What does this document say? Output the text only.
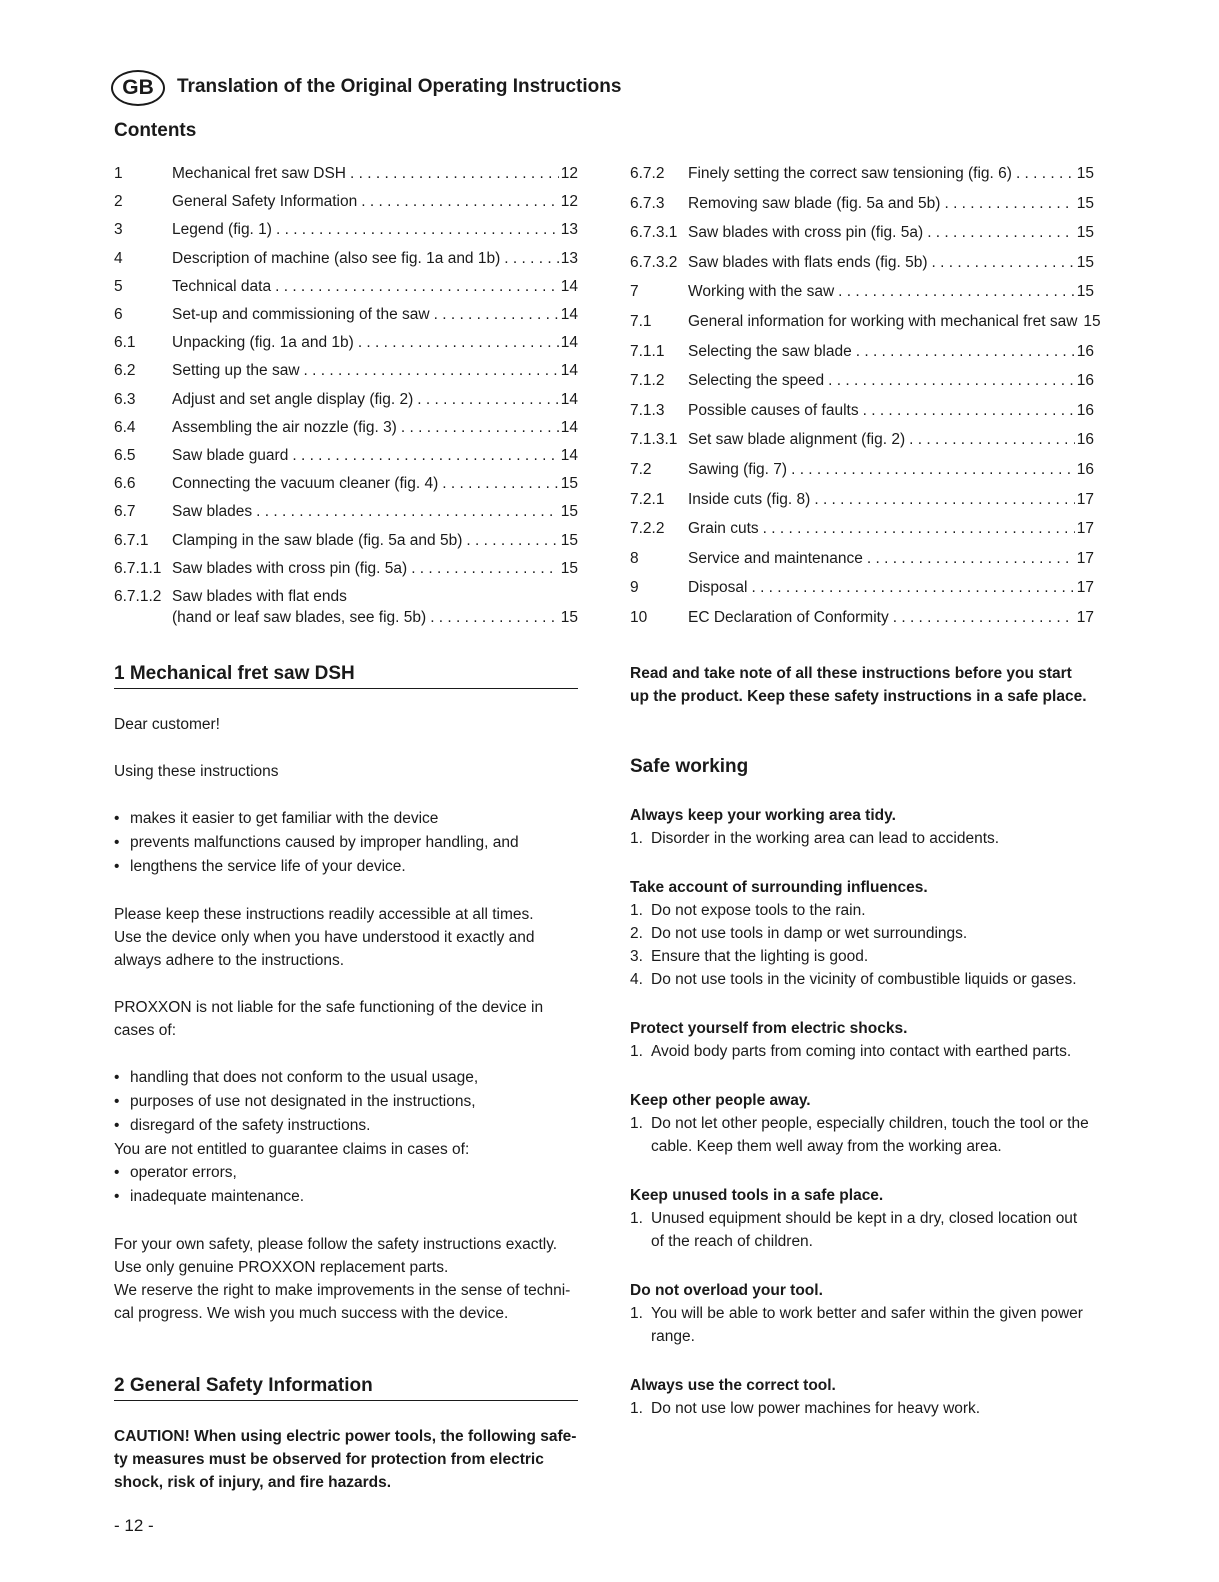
GB	Translation of the Original Operating Instructions
Contents
1	Mechanical fret saw DSH . . .	12
2	General Safety Information . . .	12
3	Legend (fig. 1) . . .	13
4	Description of machine (also see fig. 1a and 1b) . . .	13
5	Technical data . . .	14
6	Set-up and commissioning of the saw . . .	14
6.1 Unpacking (fig. 1a and 1b) . . .	14
6.2 Setting up the saw . . .	14
6.3 Adjust and set angle display (fig. 2) . . .	14
6.4 Assembling the air nozzle (fig. 3) . . .	14
6.5 Saw blade guard . . .	14
6.6 Connecting the vacuum cleaner (fig. 4) . . .	15
6.7 Saw blades . . .	15
6.7.1 Clamping in the saw blade (fig. 5a and 5b) . . .	15
6.7.1.1 Saw blades with cross pin (fig. 5a) . . .	15
6.7.1.2 Saw blades with flat ends
(hand or leaf saw blades, see fig. 5b) . . .	15
6.7.2 Finely setting the correct saw tensioning (fig. 6) . . .	15
6.7.3 Removing saw blade (fig. 5a and 5b) . . .	15
6.7.3.1 Saw blades with cross pin (fig. 5a) . . .	15
6.7.3.2 Saw blades with flats ends (fig. 5b) . . .	15
7	Working with the saw . . .	15
7.1 General information for working with mechanical fret saw 15
7.1.1 Selecting the saw blade . . .	16
7.1.2 Selecting the speed . . .	16
7.1.3 Possible causes of faults . . .	16
7.1.3.1 Set saw blade alignment (fig. 2) . . .	16
7.2 Sawing (fig. 7) . . .	16
7.2.1 Inside cuts (fig. 8) . . .	17
7.2.2 Grain cuts . . .	17
8	Service and maintenance . . .	17
9	Disposal . . .	17
10	EC Declaration of Conformity . . .	17
1 Mechanical fret saw DSH
Dear customer!
Using these instructions
• makes it easier to get familiar with the device
• prevents malfunctions caused by improper handling, and
• lengthens the service life of your device.
Please keep these instructions readily accessible at all times.
Use the device only when you have understood it exactly and always adhere to the instructions.
PROXXON is not liable for the safe functioning of the device in cases of:
• handling that does not conform to the usual usage,
• purposes of use not designated in the instructions,
• disregard of the safety instructions.
You are not entitled to guarantee claims in cases of:
• operator errors,
• inadequate maintenance.
For your own safety, please follow the safety instructions exactly.
Use only genuine PROXXON replacement parts.
We reserve the right to make improvements in the sense of techni-cal progress. We wish you much success with the device.
2 General Safety Information
CAUTION! When using electric power tools, the following safe-ty measures must be observed for protection from electric shock, risk of injury, and fire hazards.
Read and take note of all these instructions before you start up the product. Keep these safety instructions in a safe place.
Safe working
Always keep your working area tidy.
1. Disorder in the working area can lead to accidents.
Take account of surrounding influences.
1. Do not expose tools to the rain.
2. Do not use tools in damp or wet surroundings.
3. Ensure that the lighting is good.
4. Do not use tools in the vicinity of combustible liquids or gases.
Protect yourself from electric shocks.
1. Avoid body parts from coming into contact with earthed parts.
Keep other people away.
1. Do not let other people, especially children, touch the tool or the cable. Keep them well away from the working area.
Keep unused tools in a safe place.
1. Unused equipment should be kept in a dry, closed location out of the reach of children.
Do not overload your tool.
1. You will be able to work better and safer within the given power range.
Always use the correct tool.
1. Do not use low power machines for heavy work.
- 12 -
